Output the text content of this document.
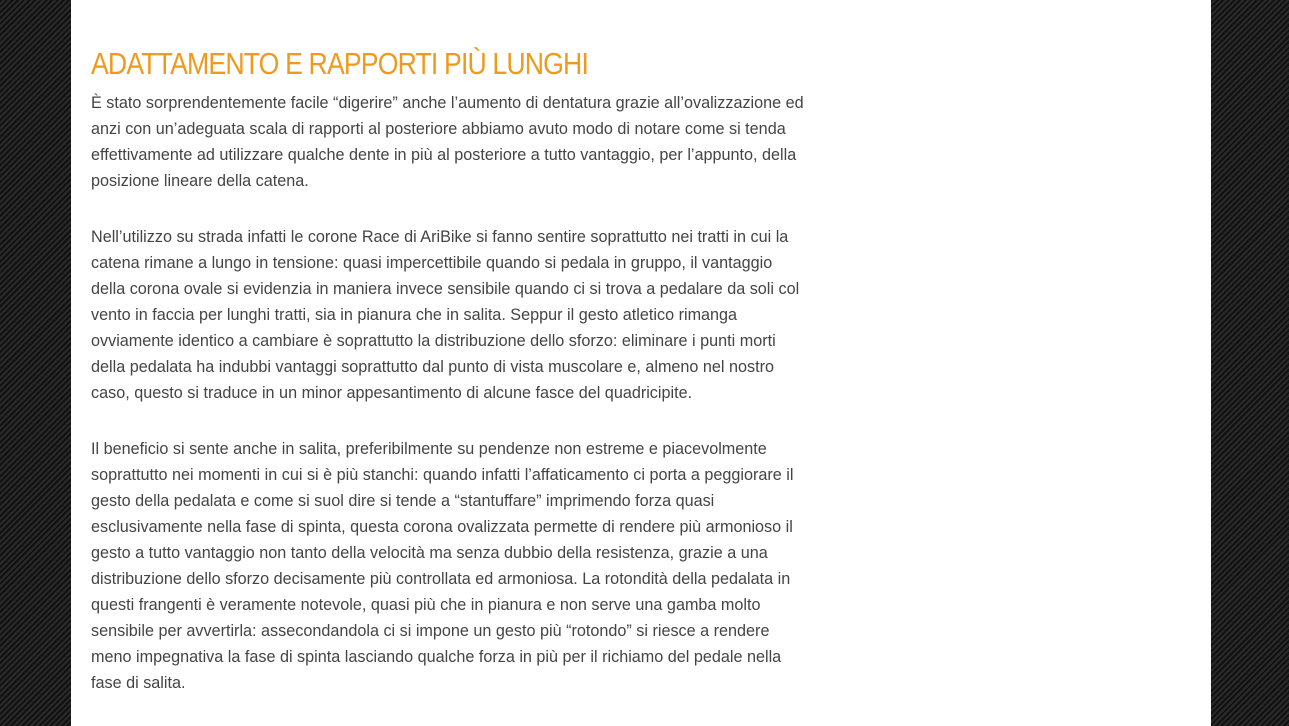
ADATTAMENTO E RAPPORTI PIÙ LUNGHI

È stato sorprendentemente facile “digerire” anche l’aumento di dentatura grazie all’ovalizzazione ed anzi con un’adeguata scala di rapporti al posteriore abbiamo avuto modo di notare come si tenda effettivamente ad utilizzare qualche dente in più al posteriore a tutto vantaggio, per l’appunto, della posizione lineare della catena.

Nell’utilizzo su strada infatti le corone Race di AriBike si fanno sentire soprattutto nei tratti in cui la catena rimane a lungo in tensione: quasi impercettibile quando si pedala in gruppo, il vantaggio della corona ovale si evidenzia in maniera invece sensibile quando ci si trova a pedalare da soli col vento in faccia per lunghi tratti, sia in pianura che in salita. Seppur il gesto atletico rimanga ovviamente identico a cambiare è soprattutto la distribuzione dello sforzo: eliminare i punti morti della pedalata ha indubbi vantaggi soprattutto dal punto di vista muscolare e, almeno nel nostro caso, questo si traduce in un minor appesantimento di alcune fasce del quadricipite.

Il beneficio si sente anche in salita, preferibilmente su pendenze non estreme e piacevolmente soprattutto nei momenti in cui si è più stanchi: quando infatti l’affaticamento ci porta a peggiorare il gesto della pedalata e come si suol dire si tende a “stantuffare” imprimendo forza quasi esclusivamente nella fase di spinta, questa corona ovalizzata permette di rendere più armonioso il gesto a tutto vantaggio non tanto della velocità ma senza dubbio della resistenza, grazie a una distribuzione dello sforzo decisamente più controllata ed armoniosa. La rotondità della pedalata in questi frangenti è veramente notevole, quasi più che in pianura e non serve una gamba molto sensibile per avvertirla: assecondandola ci si impone un gesto più “rotondo” si riesce a rendere meno impegnativa la fase di spinta lasciando qualche forza in più per il richiamo del pedale nella fase di salita.
